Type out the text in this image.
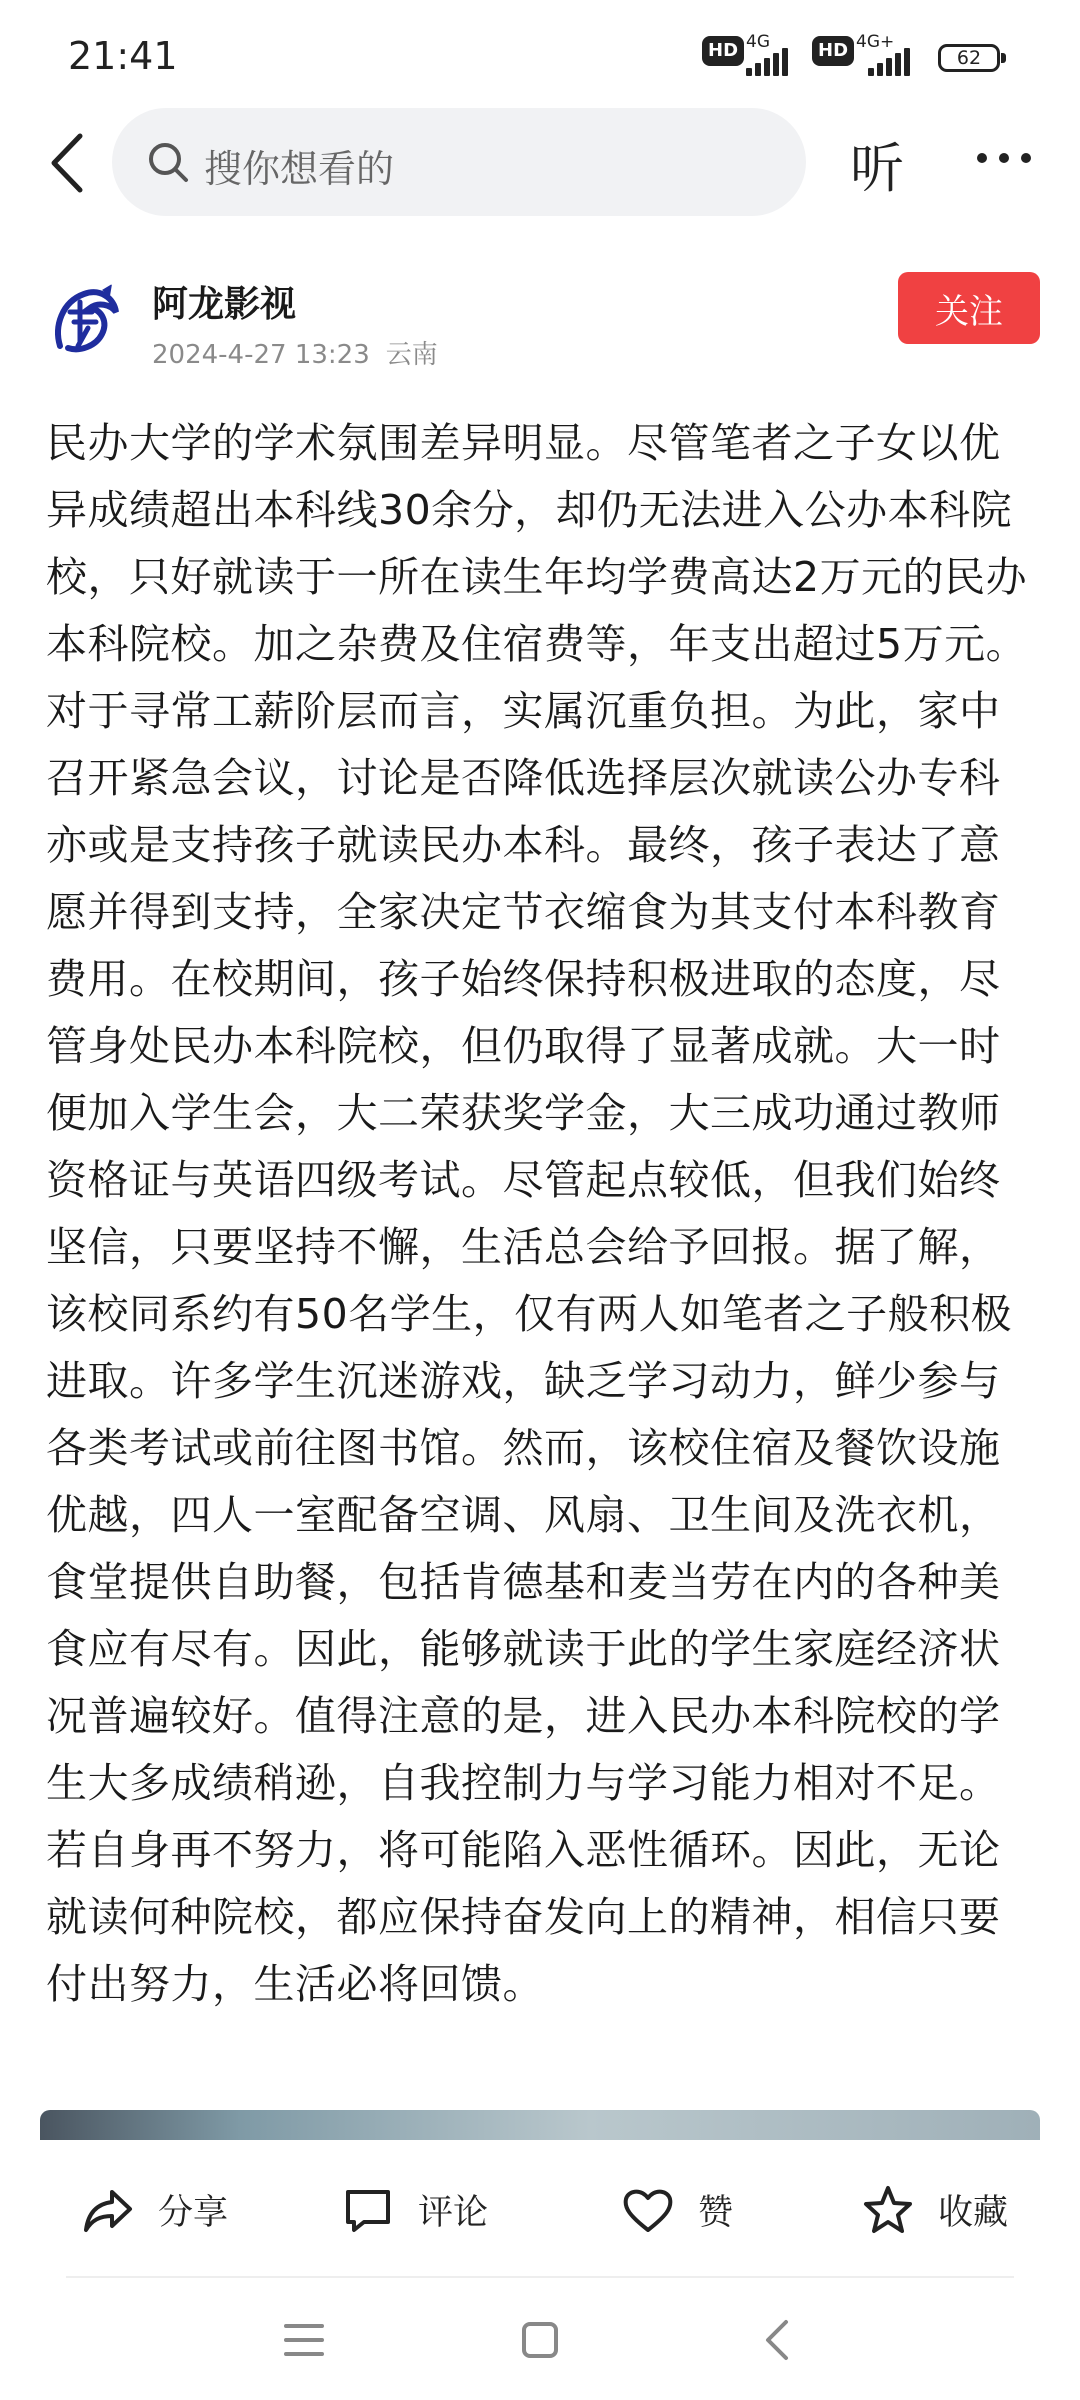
21:41	HD 4G	HD 4G+
62
搜你想看的	听
阿龙影视
2024-4-27 13:23 云南
关注

民办大学的学术氛围差异明显。尽管笔者之子女以优异成绩超出本科线30余分，却仍无法进入公办本科院校，只好就读于一所在读生年均学费高达2万元的民办本科院校。加之杂费及住宿费等，年支出超过5万元。对于寻常工薪阶层而言，实属沉重负担。为此，家中召开紧急会议，讨论是否降低选择层次就读公办专科亦或是支持孩子就读民办本科。最终，孩子表达了意愿并得到支持，全家决定节衣缩食为其支付本科教育费用。在校期间，孩子始终保持积极进取的态度，尽管身处民办本科院校，但仍取得了显著成就。大一时便加入学生会，大二荣获奖学金，大三成功通过教师资格证与英语四级考试。尽管起点较低，但我们始终坚信，只要坚持不懈，生活总会给予回报。据了解，该校同系约有50名学生，仅有两人如笔者之子般积极进取。许多学生沉迷游戏，缺乏学习动力，鲜少参与各类考试或前往图书馆。然而，该校住宿及餐饮设施优越，四人一室配备空调、风扇、卫生间及洗衣机，食堂提供自助餐，包括肯德基和麦当劳在内的各种美食应有尽有。因此，能够就读于此的学生家庭经济状况普遍较好。值得注意的是，进入民办本科院校的学生大多成绩稍逊，自我控制力与学习能力相对不足。若自身再不努力，将可能陷入恶性循环。因此，无论就读何种院校，都应保持奋发向上的精神，相信只要付出努力，生活必将回馈。

分享	评论	赞	收藏
